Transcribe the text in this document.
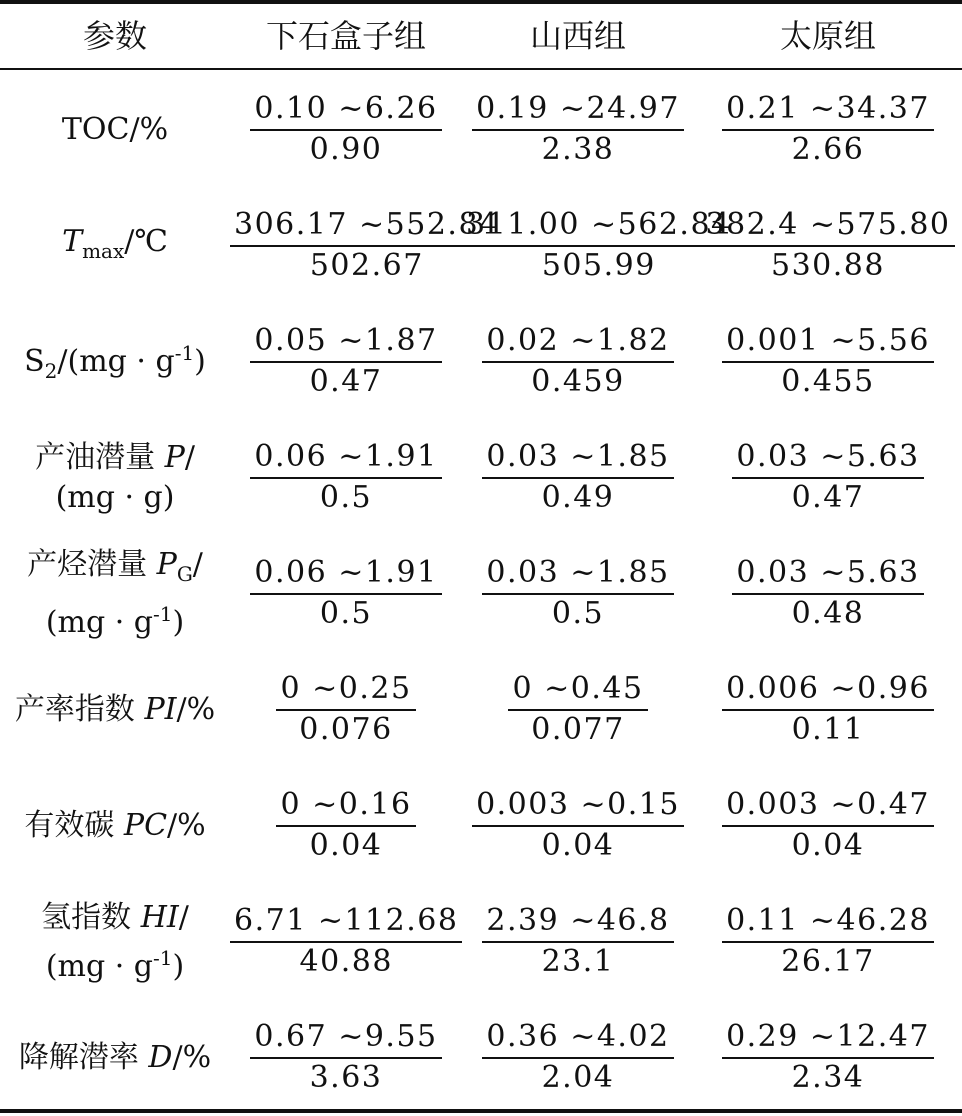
参数	下石盒子组	山西组	太原组

TOC/%	$\frac{0.10 \sim 6.26}{0.90}$	$\frac{0.19 \sim 24.97}{2.38}$	$\frac{0.21 \sim 34.37}{2.66}$

$T_{max}/℃$	$\frac{306.17 \sim 552.84}{502.67}$	$\frac{311.00 \sim 562.84}{505.99}$	$\frac{382.4 \sim 575.80}{530.88}$

$S_2/(mg \cdot g^{-1})$	$\frac{0.05 \sim 1.87}{0.47}$	$\frac{0.02 \sim 1.82}{0.459}$	$\frac{0.001 \sim 5.56}{0.455}$

产油潜量 P/
(mg · g)	$\frac{0.06 \sim 1.91}{0.5}$	$\frac{0.03 \sim 1.85}{0.49}$	$\frac{0.03 \sim 5.63}{0.47}$

产烃潜量 $P_G/$
$(mg \cdot g^{-1})$	$\frac{0.06 \sim 1.91}{0.5}$	$\frac{0.03 \sim 1.85}{0.5}$	$\frac{0.03 \sim 5.63}{0.48}$

产率指数 PI/%	$\frac{0 \sim 0.25}{0.076}$	$\frac{0 \sim 0.45}{0.077}$	$\frac{0.006 \sim 0.96}{0.11}$

有效碳 PC/%	$\frac{0 \sim 0.16}{0.04}$	$\frac{0.003 \sim 0.15}{0.04}$	$\frac{0.003 \sim 0.47}{0.04}$

氢指数 HI/
$(mg \cdot g^{-1})$	$\frac{6.71 \sim 112.68}{40.88}$	$\frac{2.39 \sim 46.8}{23.1}$	$\frac{0.11 \sim 46.28}{26.17}$

降解潜率 D/%	$\frac{0.67 \sim 9.55}{3.63}$	$\frac{0.36 \sim 4.02}{2.04}$	$\frac{0.29 \sim 12.47}{2.34}$
